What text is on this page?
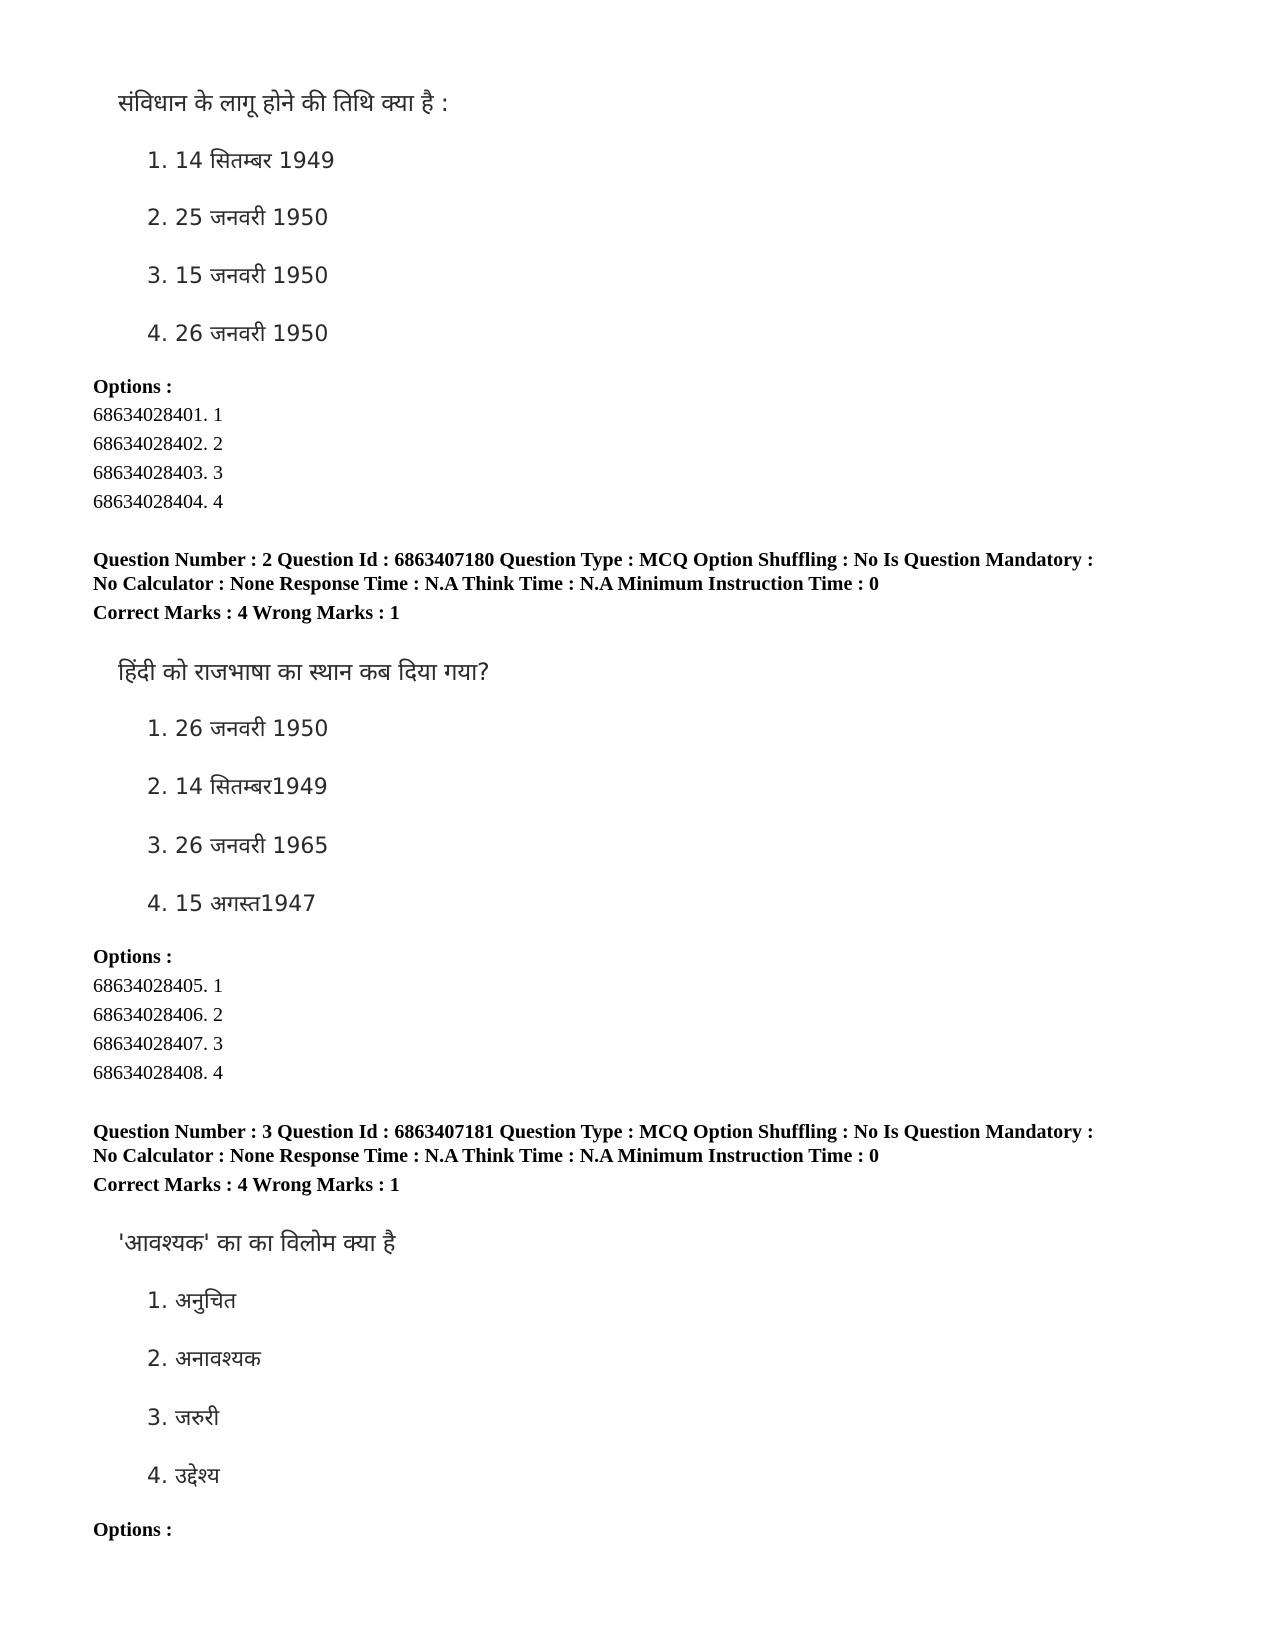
संविधान के लागू होने की तिथि क्या है :
1. 14 सितम्बर 1949
2. 25 जनवरी 1950
3. 15 जनवरी 1950
4. 26 जनवरी 1950
Options :
68634028401. 1
68634028402. 2
68634028403. 3
68634028404. 4
Question Number : 2 Question Id : 6863407180 Question Type : MCQ Option Shuffling : No Is Question Mandatory :
No Calculator : None Response Time : N.A Think Time : N.A Minimum Instruction Time : 0
Correct Marks : 4 Wrong Marks : 1
हिंदी को राजभाषा का स्थान कब दिया गया?
1. 26 जनवरी 1950
2. 14 सितम्बर1949
3. 26 जनवरी 1965
4. 15 अगस्त1947
Options :
68634028405. 1
68634028406. 2
68634028407. 3
68634028408. 4
Question Number : 3 Question Id : 6863407181 Question Type : MCQ Option Shuffling : No Is Question Mandatory :
No Calculator : None Response Time : N.A Think Time : N.A Minimum Instruction Time : 0
Correct Marks : 4 Wrong Marks : 1
'आवश्यक' का का विलोम क्या है
1. अनुचित
2. अनावश्यक
3. जरुरी
4. उद्देश्य
Options :
